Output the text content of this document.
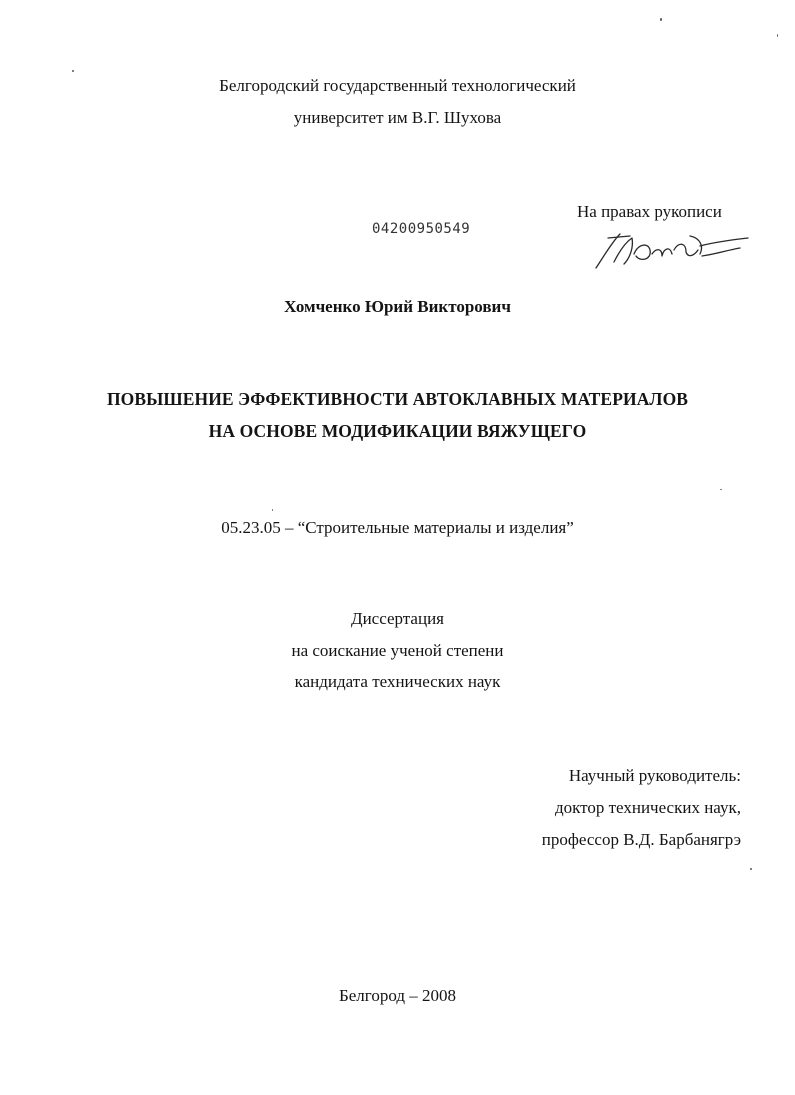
Белгородский государственный технологический
университет им В.Г. Шухова
На правах рукописи
04200950549
Хомченко Юрий Викторович
ПОВЫШЕНИЕ ЭФФЕКТИВНОСТИ АВТОКЛАВНЫХ МАТЕРИАЛОВ
НА ОСНОВЕ МОДИФИКАЦИИ ВЯЖУЩЕГО
05.23.05 – “Строительные материалы и изделия”
Диссертация
на соискание ученой степени
кандидата технических наук
Научный руководитель:
доктор технических наук,
профессор В.Д. Барбанягрэ
Белгород – 2008
